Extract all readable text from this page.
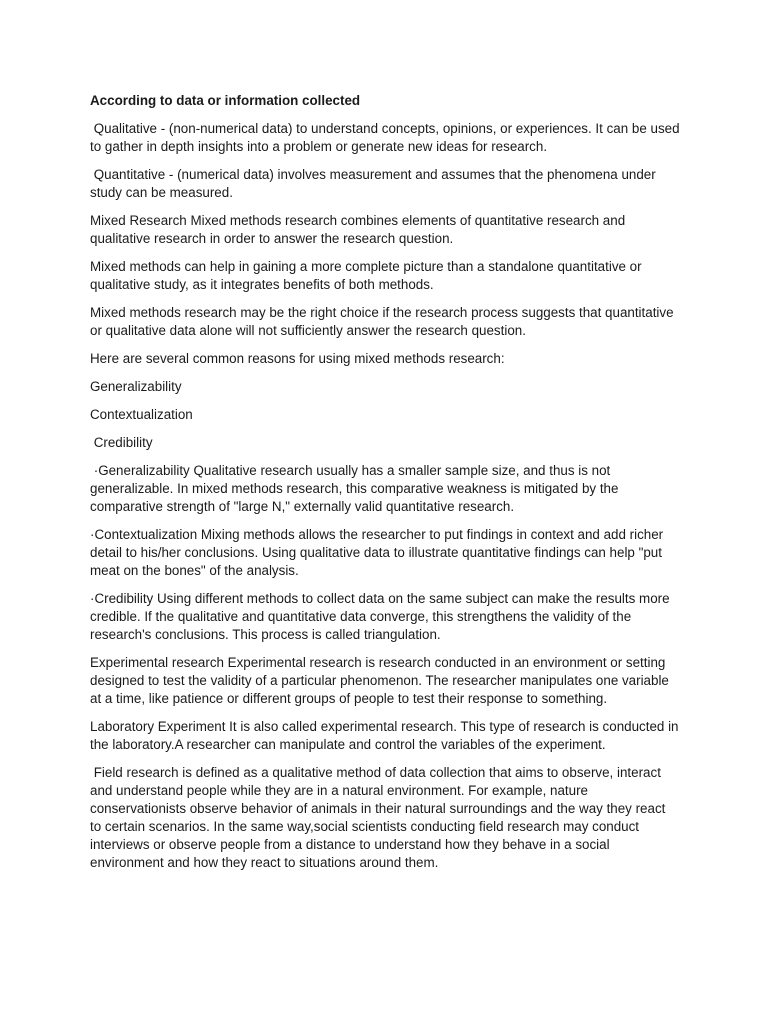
According to data or information collected

Qualitative - (non-numerical data) to understand concepts, opinions, or experiences. It can be used to gather in depth insights into a problem or generate new ideas for research.

Quantitative - (numerical data) involves measurement and assumes that the phenomena under study can be measured.

Mixed Research Mixed methods research combines elements of quantitative research and qualitative research in order to answer the research question.

Mixed methods can help in gaining a more complete picture than a standalone quantitative or qualitative study, as it integrates benefits of both methods.

Mixed methods research may be the right choice if the research process suggests that quantitative or qualitative data alone will not sufficiently answer the research question.

Here are several common reasons for using mixed methods research:

Generalizability

Contextualization

Credibility

·Generalizability Qualitative research usually has a smaller sample size, and thus is not generalizable. In mixed methods research, this comparative weakness is mitigated by the comparative strength of "large N," externally valid quantitative research.

·Contextualization Mixing methods allows the researcher to put findings in context and add richer detail to his/her conclusions. Using qualitative data to illustrate quantitative findings can help "put meat on the bones" of the analysis.

·Credibility Using different methods to collect data on the same subject can make the results more credible. If the qualitative and quantitative data converge, this strengthens the validity of the research's conclusions. This process is called triangulation.

Experimental research Experimental research is research conducted in an environment or setting designed to test the validity of a particular phenomenon. The researcher manipulates one variable at a time, like patience or different groups of people to test their response to something.

Laboratory Experiment It is also called experimental research. This type of research is conducted in the laboratory.A researcher can manipulate and control the variables of the experiment.

Field research is defined as a qualitative method of data collection that aims to observe, interact and understand people while they are in a natural environment. For example, nature conservationists observe behavior of animals in their natural surroundings and the way they react to certain scenarios. In the same way,social scientists conducting field research may conduct interviews or observe people from a distance to understand how they behave in a social environment and how they react to situations around them.
